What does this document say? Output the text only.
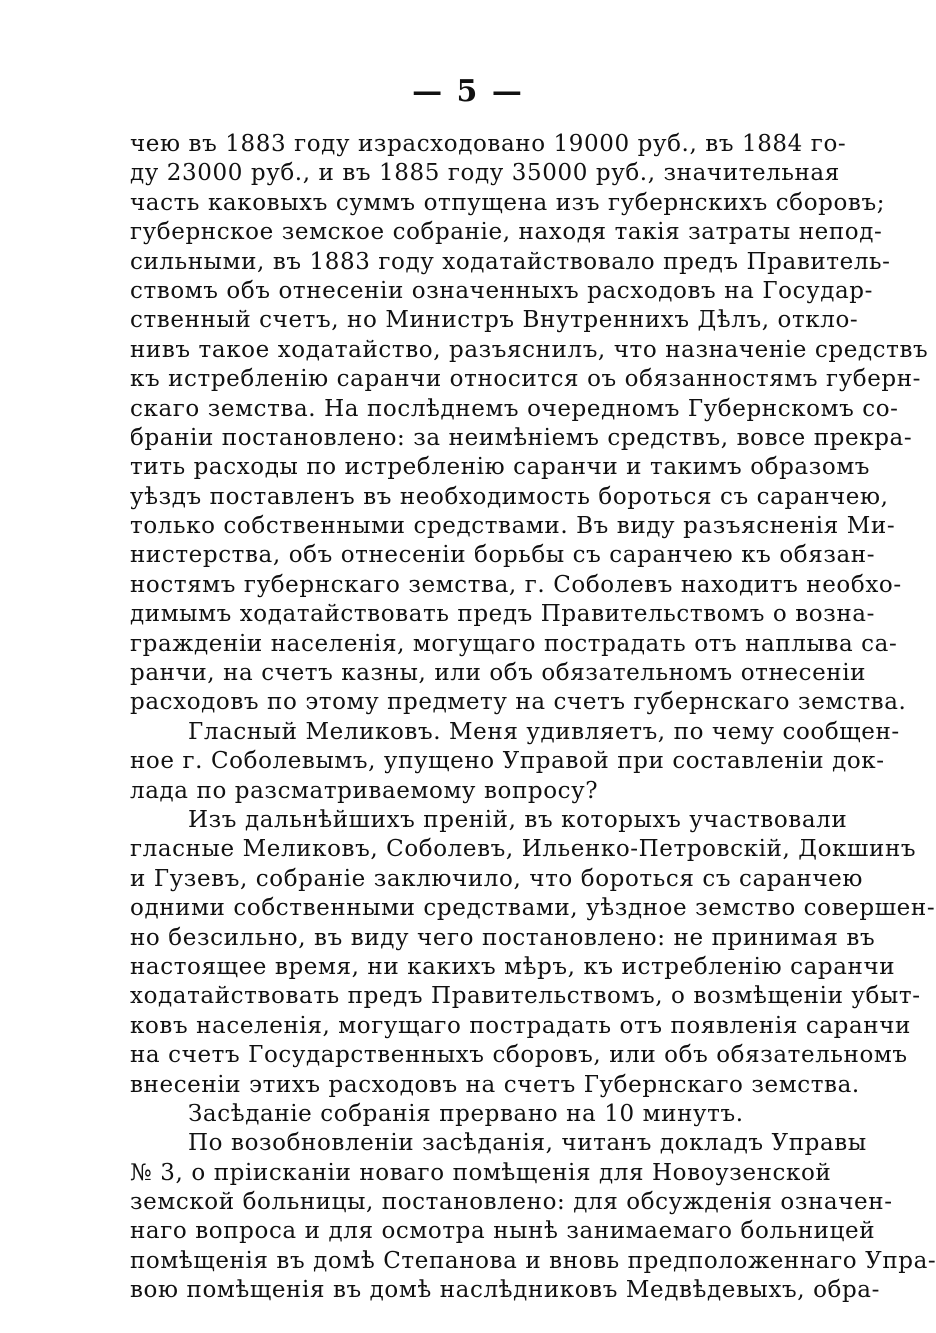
— 5 —
чею въ 1883 году израсходовано 19000 руб., въ 1884 го-
ду 23000 руб., и въ 1885 году 35000 руб., значительная
часть каковыхъ суммъ отпущена изъ губернскихъ сборовъ;
губернское земское собраніе, находя такія затраты непод-
сильными, въ 1883 году ходатайствовало предъ Правитель-
ствомъ объ отнесеніи означенныхъ расходовъ на Государ-
ственный счетъ, но Министръ Внутреннихъ Дѣлъ, откло-
нивъ такое ходатайство, разъяснилъ, что назначеніе средствъ
къ истребленію саранчи относится оъ обязанностямъ губерн-
скаго земства. На послѣднемъ очередномъ Губернскомъ со-
браніи постановлено: за неимѣніемъ средствъ, вовсе прекра-
тить расходы по истребленію саранчи и такимъ образомъ
уѣздъ поставленъ въ необходимость бороться съ саранчею,
только собственными средствами. Въ виду разъясненія Ми-
нистерства, объ отнесеніи борьбы съ саранчею къ обязан-
ностямъ губернскаго земства, г. Соболевъ находитъ необхо-
димымъ ходатайствовать предъ Правительствомъ о возна-
гражденіи населенія, могущаго пострадать отъ наплыва са-
ранчи, на счетъ казны, или объ обязательномъ отнесеніи
расходовъ по этому предмету на счетъ губернскаго земства.
Гласный Меликовъ. Меня удивляетъ, по чему сообщен-
ное г. Соболевымъ, упущено Управой при составленіи док-
лада по разсматриваемому вопросу?
Изъ дальнѣйшихъ преній, въ которыхъ участвовали
гласные Меликовъ, Соболевъ, Ильенко-Петровскій, Докшинъ
и Гузевъ, собраніе заключило, что бороться съ саранчею
одними собственными средствами, уѣздное земство совершен-
но безсильно, въ виду чего постановлено: не принимая въ
настоящее время, ни какихъ мѣръ, къ истребленію саранчи
ходатайствовать предъ Правительствомъ, о возмѣщеніи убыт-
ковъ населенія, могущаго пострадать отъ появленія саранчи
на счетъ Государственныхъ сборовъ, или объ обязательномъ
внесеніи этихъ расходовъ на счетъ Губернскаго земства.
Засѣданіе собранія прервано на 10 минутъ.
По возобновленіи засѣданія, читанъ докладъ Управы
№ 3, о пріисканіи новаго помѣщенія для Новоузенской
земской больницы, постановлено: для обсужденія означен-
наго вопроса и для осмотра нынѣ занимаемаго больницей
помѣщенія въ домѣ Степанова и вновь предположеннаго Упра-
вою помѣщенія въ домѣ наслѣдниковъ Медвѣдевыхъ, обра-
